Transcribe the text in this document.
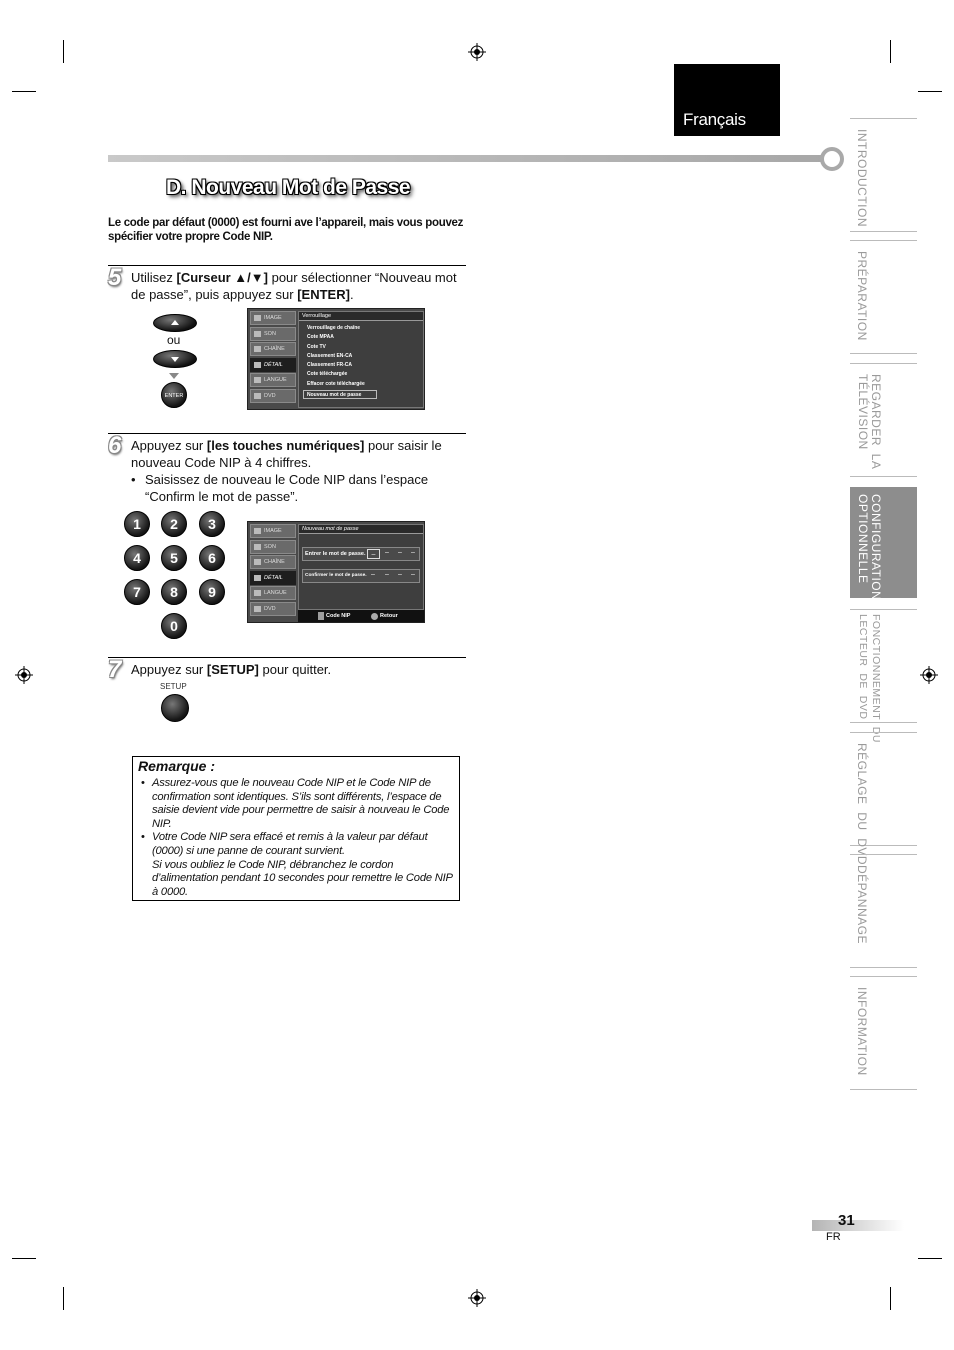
Français
D. Nouveau Mot de Passe
Le code par défaut (0000) est fourni ave l’appareil, mais vous pouvez spécifier votre propre Code NIP.
5 Utilisez [Curseur ▲/▼] pour sélectionner “Nouveau mot de passe”, puis appuyez sur [ENTER].
ou
ENTER
IMAGE
SON
CHAÎNE
DÉTAIL
LANGUE
DVD
Verrouillage
Verrouillage de chaîne
Cote MPAA
Cote TV
Classement EN-CA
Classement FR-CA
Cote téléchargée
Effacer cote téléchargée
Nouveau mot de passe
6 Appuyez sur [les touches numériques] pour saisir le nouveau Code NIP à 4 chiffres.
• Saisissez de nouveau le Code NIP dans l’espace “Confirm le mot de passe”.
1	2	3
4	5	6
7	8	9
0
IMAGE
SON
CHAÎNE
DÉTAIL
LANGUE
DVD
Nouveau mot de passe
Entrer le mot de passe. –	– – –
Confirmer le mot de passe. – – – –
Code NIP	Retour
7 Appuyez sur [SETUP] pour quitter.
SETUP
Remarque :

• Assurez-vous que le nouveau Code NIP et le Code NIP de confirmation sont identiques. S’ils sont différents, l’espace de saisie devient vide pour permettre de saisir à nouveau le Code NIP.

• Votre Code NIP sera effacé et remis à la valeur par défaut (0000) si une panne de courant survient.

Si vous oubliez le Code NIP, débranchez le cordon d’alimentation pendant 10 secondes pour remettre le Code NIP à 0000.

INTRODUCTION
PRÉPARATION
REGARDER  LA
TÉLÉVISION
CONFIGURATION
OPTIONNELLE
FONCTIONNEMENT  DU
LECTEUR  DE  DVD
RÉGLAGE  DU  DVD
DÉPANNAGE
INFORMATION
31
FR
